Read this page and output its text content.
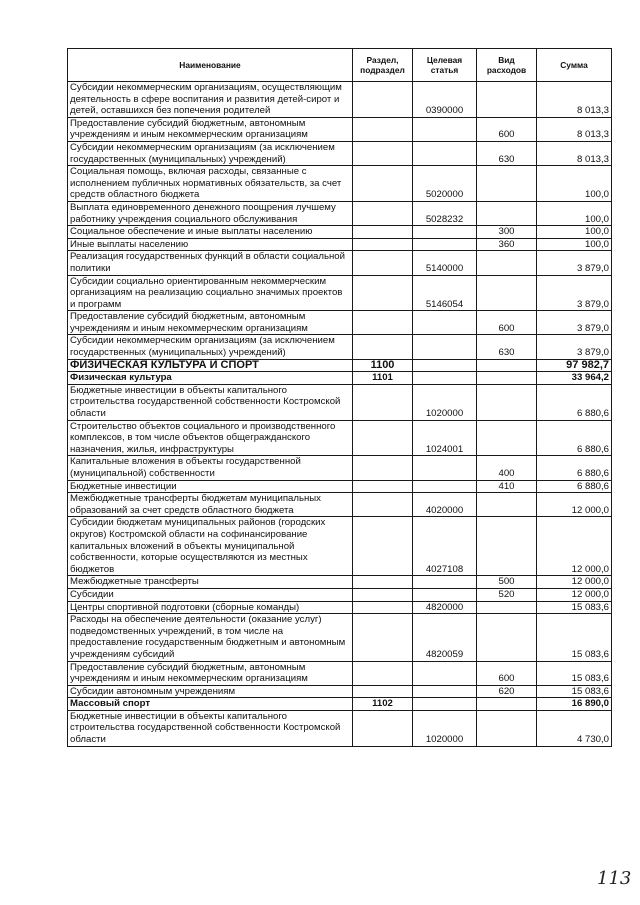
Наименование	Раздел, подраздел	Целевая статья	Вид расходов	Сумма
Субсидии некоммерческим организациям, осуществляющим деятельность в сфере воспитания и развития детей-сирот и детей, оставшихся без попечения родителей		0390000		8 013,3
Предоставление субсидий бюджетным, автономным учреждениям и иным некоммерческим организациям			600	8 013,3
Субсидии некоммерческим организациям (за исключением государственных (муниципальных) учреждений)			630	8 013,3
Социальная помощь, включая расходы, связанные с исполнением публичных нормативных обязательств, за счет средств областного бюджета		5020000		100,0
Выплата единовременного денежного поощрения лучшему работнику учреждения социального обслуживания		5028232		100,0
Социальное обеспечение и иные выплаты населению			300	100,0
Иные выплаты населению			360	100,0
Реализация государственных функций в области социальной политики		5140000		3 879,0
Субсидии социально ориентированным некоммерческим организациям на реализацию социально значимых проектов и программ		5146054		3 879,0
Предоставление субсидий бюджетным, автономным учреждениям и иным некоммерческим организациям			600	3 879,0
Субсидии некоммерческим организациям (за исключением государственных (муниципальных) учреждений)			630	3 879,0
ФИЗИЧЕСКАЯ КУЛЬТУРА И СПОРТ	1100			97 982,7
Физическая культура	1101			33 964,2
Бюджетные инвестиции в объекты капитального строительства государственной собственности Костромской области		1020000		6 880,6
Строительство объектов социального и производственного комплексов, в том числе объектов общегражданского назначения, жилья, инфраструктуры		1024001		6 880,6
Капитальные вложения в объекты государственной (муниципальной) собственности			400	6 880,6
Бюджетные инвестиции			410	6 880,6
Межбюджетные трансферты бюджетам муниципальных образований за счет средств областного бюджета		4020000		12 000,0
Субсидии бюджетам муниципальных районов (городских округов) Костромской области на софинансирование капитальных вложений в объекты муниципальной собственности, которые осуществляются из местных бюджетов		4027108		12 000,0
Межбюджетные трансферты			500	12 000,0
Субсидии			520	12 000,0
Центры спортивной подготовки (сборные команды)		4820000		15 083,6
Расходы на обеспечение деятельности (оказание услуг) подведомственных учреждений, в том числе на предоставление государственным бюджетным и автономным учреждениям субсидий		4820059		15 083,6
Предоставление субсидий бюджетным, автономным учреждениям и иным некоммерческим организациям			600	15 083,6
Субсидии автономным учреждениям			620	15 083,6
Массовый спорт	1102			16 890,0
Бюджетные инвестиции в объекты капитального строительства государственной собственности Костромской области		1020000		4 730,0
113
